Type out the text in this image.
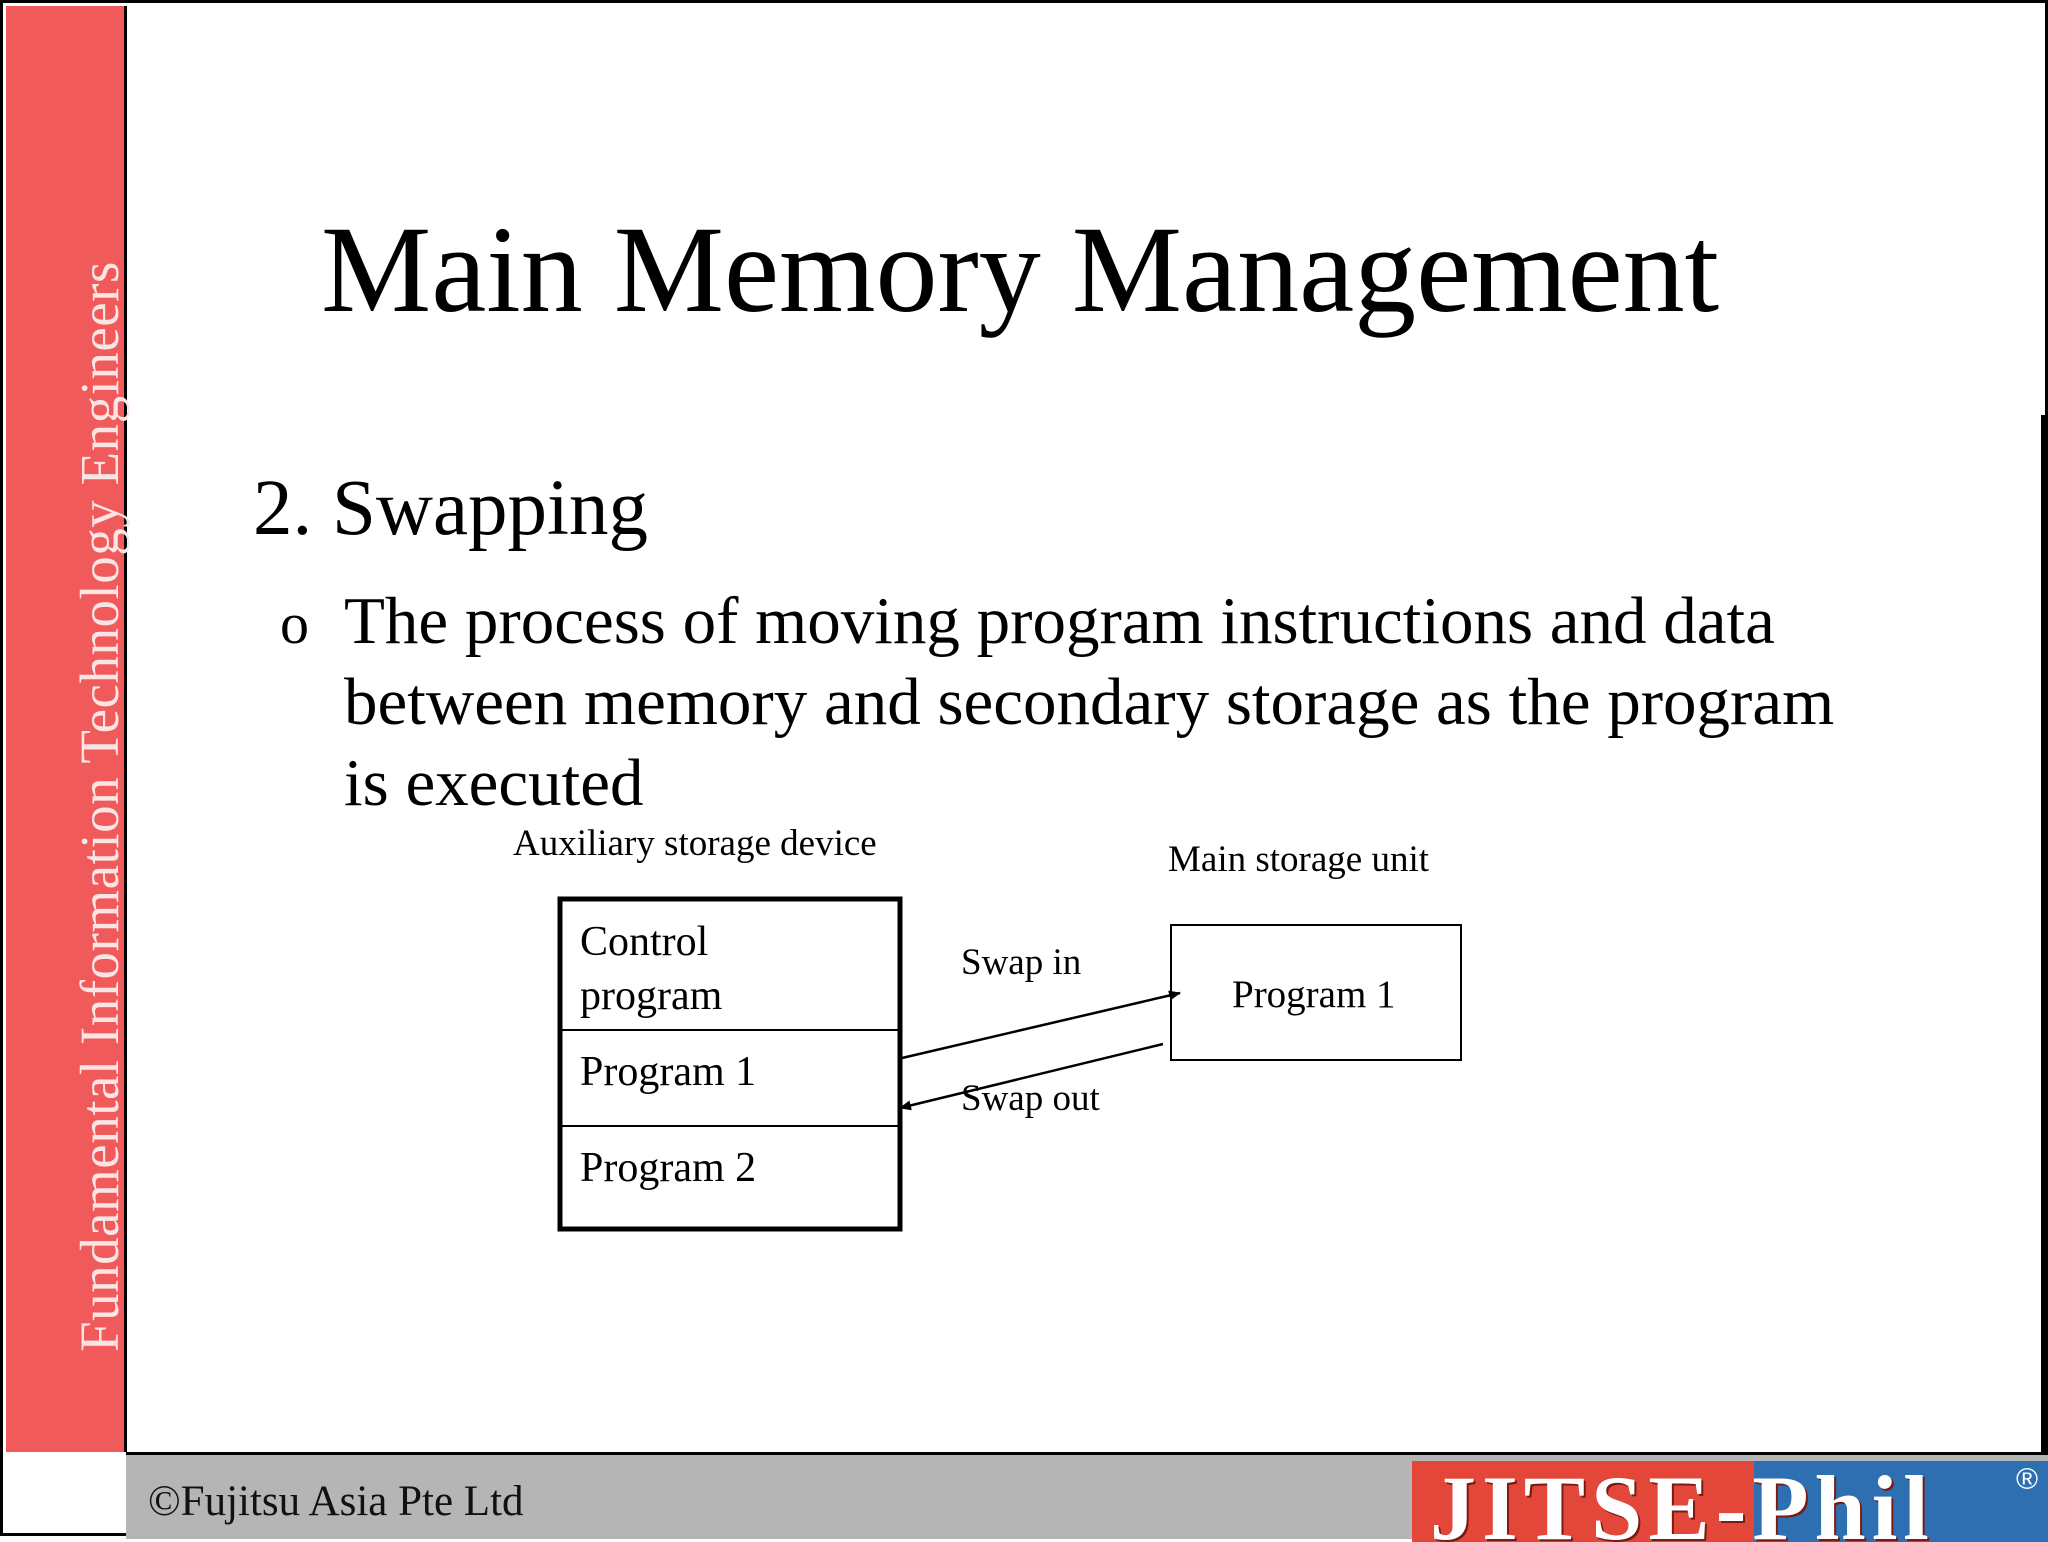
Fundamental Information Technology Engineers Main Memory Management
2. Swapping
o The process of moving program instructions and data between memory and secondary storage as the program is executed
Auxiliary storage device	Main storage unit
Control
program
Program 1
Program 2
Program 1
Swap in
Swap out
©Fujitsu Asia Pte Ltd	JITSE-Phil	®
